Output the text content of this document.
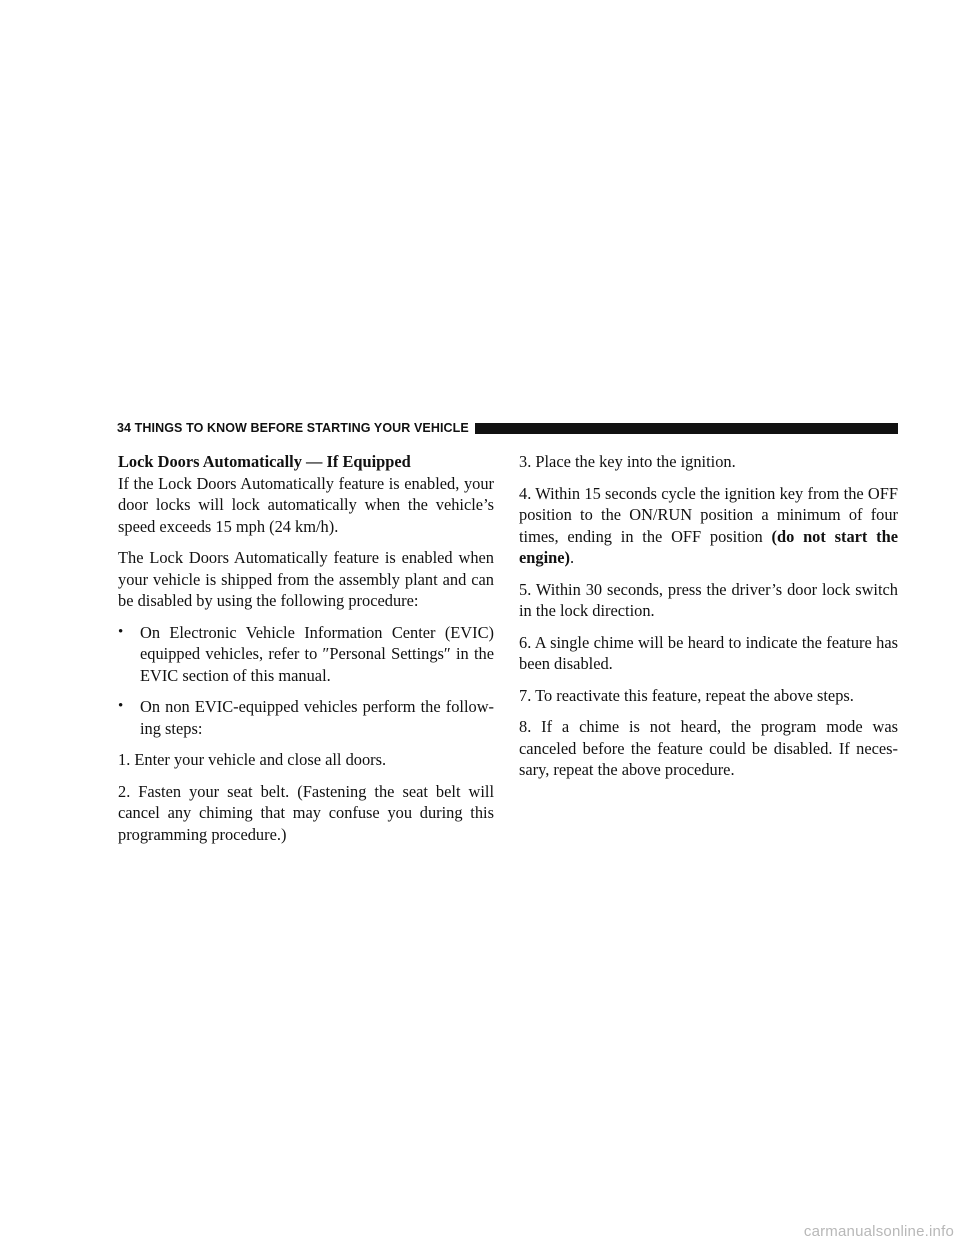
34 THINGS TO KNOW BEFORE STARTING YOUR VEHICLE
Lock Doors Automatically — If Equipped

If the Lock Doors Automatically feature is enabled, your door locks will lock automatically when the vehicle’s speed exceeds 15 mph (24 km/h).

The Lock Doors Automatically feature is enabled when your vehicle is shipped from the assembly plant and can be disabled by using the following procedure:

•	On Electronic Vehicle Information Center (EVIC) equipped vehicles, refer to ″Personal Settings″ in the EVIC section of this manual.
•	On non EVIC-equipped vehicles perform the follow-ing steps:

1. Enter your vehicle and close all doors.

2. Fasten your seat belt. (Fastening the seat belt will cancel any chiming that may confuse you during this programming procedure.)

3. Place the key into the ignition.

4. Within 15 seconds cycle the ignition key from the OFF position to the ON/RUN position a minimum of four times, ending in the OFF position (do not start the engine).

5. Within 30 seconds, press the driver’s door lock switch in the lock direction.

6. A single chime will be heard to indicate the feature has been disabled.

7. To reactivate this feature, repeat the above steps.

8. If a chime is not heard, the program mode was canceled before the feature could be disabled. If neces-sary, repeat the above procedure.

carmanualsonline.info
